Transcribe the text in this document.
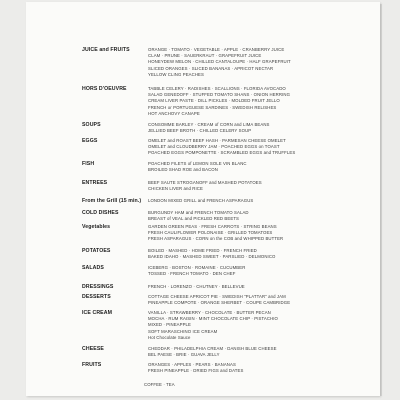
JUICE and FRUITS	ORANGE · TOMATO · VEGETABLE · APPLE · CRANBERRY JUICE
CLAM · PRUNE · SAUERKRAUT · GRAPEFRUIT JUICE
HONEYDEW MELON · CHILLED CANTALOUPE · HALF GRAPEFRUIT
SLICED ORANGES · SLICED BANANAS · APRICOT NECTAR
YELLOW CLING PEACHES
HORS D'OEUVRE	TABBLE CELERY · RADISHES · SCALLIONS · FLORIDA AVOCADO
SALAD GENEDOFF · STUFFED TOMATO SHANS · ONION HERRING
CREAM LIVER PASTE · DILL PICKLES · MOLDED FRUIT JELLO
FRENCH or PORTUGUESE SARDINES · SWEDISH RELISHES
HOT ANCHOVY CANAPE
SOUPS	CONSOMME BARLEY · CREAM of CORN and LIMA BEANS
JELLIED BEEF BROTH · CHILLED CELERY SOUP
EGGS	OMELET and ROAST BEEF HASH · PARMESAN CHEESE OMELET
OMELET and CLOUDBERRY JAM · POACHED EGGS on TOAST
POACHED EGGS POMPONETTE · SCRAMBLED EGGS and TRUFFLES
FISH	POACHED FILETS of LEMON SOLE VIN BLANC
BROILED SHAD ROE and BACON
ENTREES	BEEF SAUTE STROGANOFF and MASHED POTATOES
CHICKEN LIVER and RICE
From the Grill (15 min.)	LONDON MIXED GRILL and FRENCH ASPARAGUS
COLD DISHES	BURGUNDY HAM and FRENCH TOMATO SALAD
BREAST of VEAL and PICKLED RED BEETS
Vegetables	GARDEN GREEN PEAS · FRESH CARROTS · STRING BEANS
FRESH CAULIFLOWER POLONAISE · GRILLED TOMATOES
FRESH ASPARAGUS · CORN on the COB and WHIPPED BUTTER
POTATOES	BOILED · MASHED · HOME FRIED · FRENCH FRIED
BAKED IDAHO · MASHED SWEET · PARSLIED · DELMONICO
SALADS	ICEBERG · BOSTON · ROMAINE · CUCUMBER
TOSSED · FRENCH TOMATO · DEN CHEF
DRESSINGS	FRENCH · LORENZO · CHUTNEY · BELLEVUE
DESSERTS	COTTAGE CHEESE APRICOT PIE · SWEDISH "PLATTAR" and JAM
PINEAPPLE COMPOTE · ORANGE SHERBET · COUPE CAMBRIDGE
ICE CREAM	VANILLA · STRAWBERRY · CHOCOLATE · BUTTER PECAN
MOCHA · RUM RAISIN · MINT CHOCOLATE CHIP · PISTACHIO
MIXED · PINEAPPLE
SOFT MARASCHINO ICE CREAM
Hot Chocolate Sauce
CHEESE	CHEDDAR · PHILADELPHIA CREAM · DANISH BLUE CHEESE
BEL PAESE · BRIE · GUAVA JELLY
FRUITS	ORANGES · APPLES · PEARS · BANANAS
FRESH PINEAPPLE · DRIED FIGS and DATES
COFFEE · TEA
